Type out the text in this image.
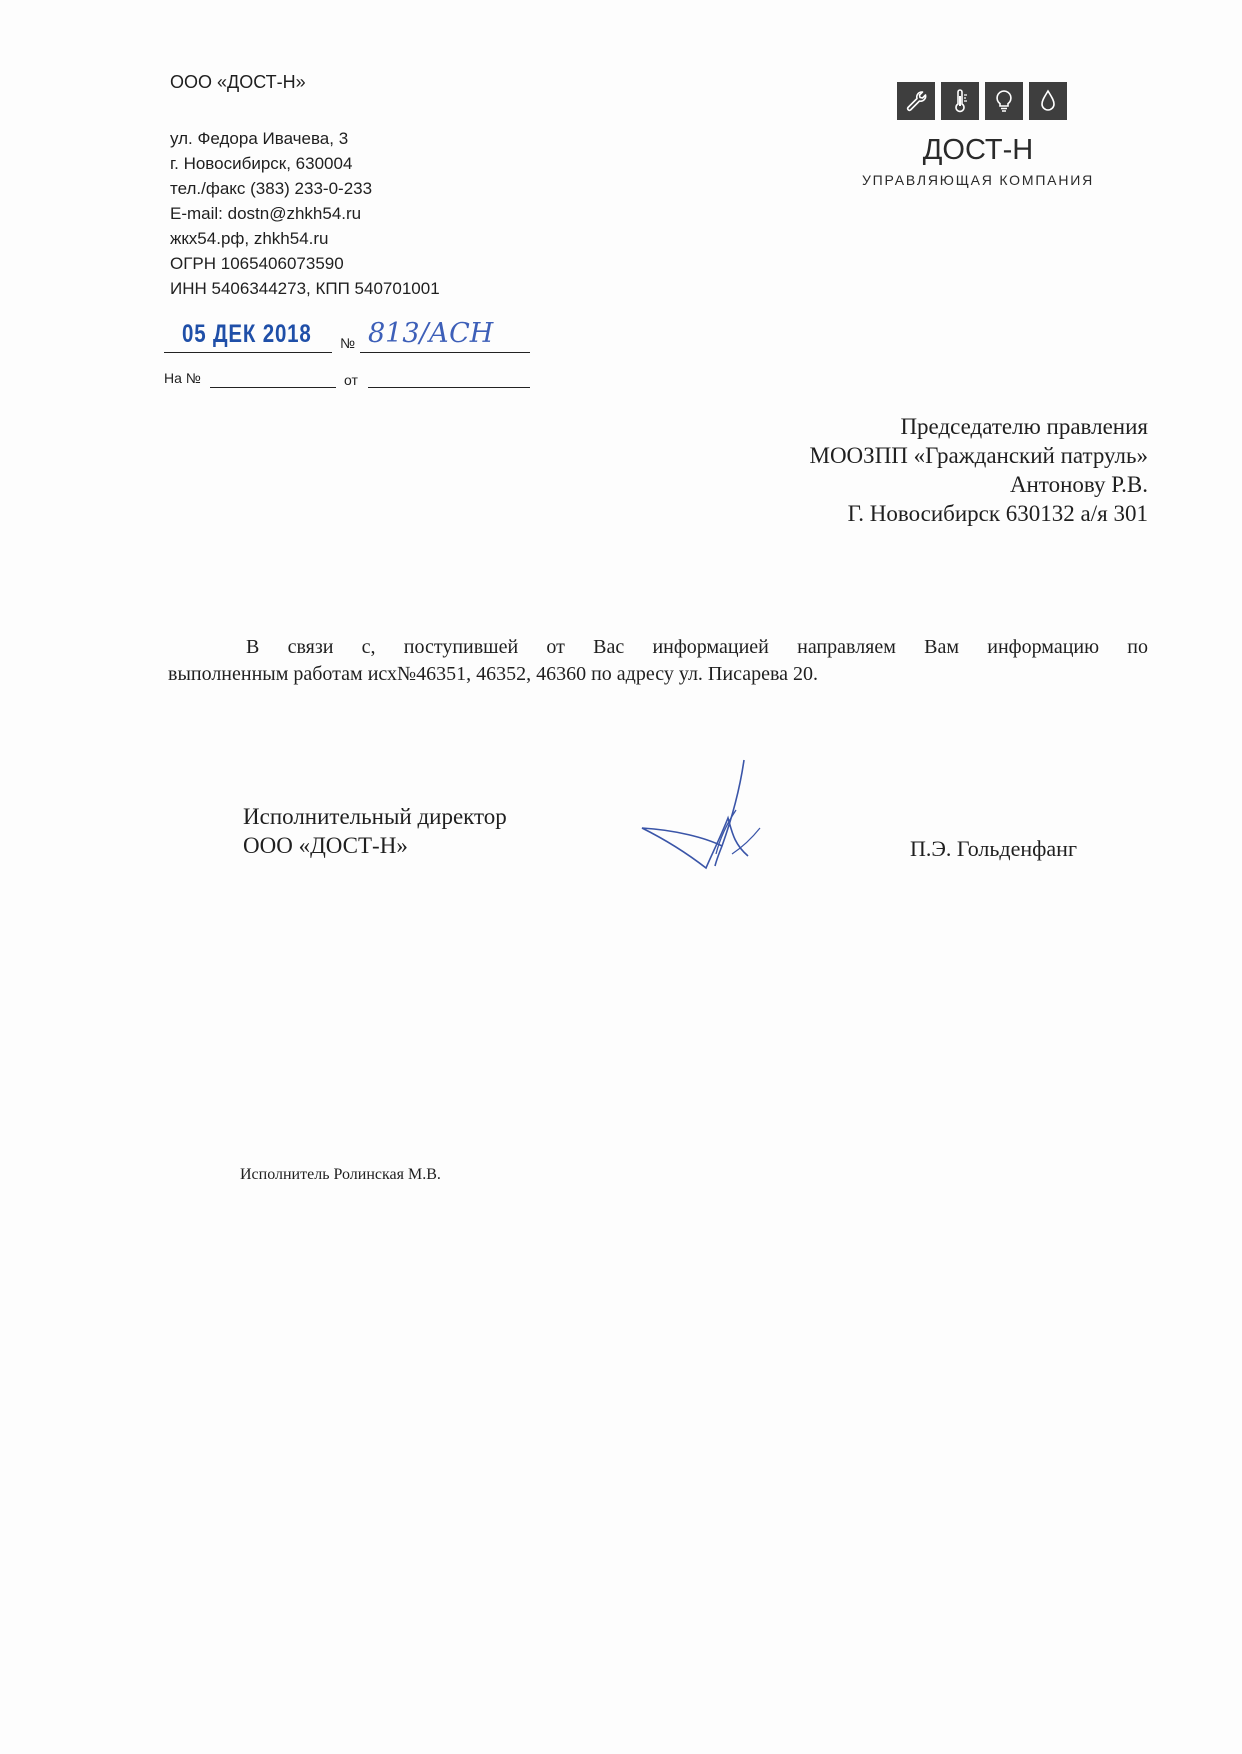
ООО «ДОСТ-Н»
ул. Федора Ивачева, 3
г. Новосибирск, 630004
тел./факс (383) 233-0-233
E-mail: dostn@zhkh54.ru
жкх54.рф, zhkh54.ru
ОГРН 1065406073590
ИНН 5406344273, КПП 540701001
05 ДЕК 2018 № 813/АСН
На №	от
ДОСТ-Н
УПРАВЛЯЮЩАЯ КОМПАНИЯ
Председателю правления
МООЗПП «Гражданский патруль»
Антонову Р.В.
Г. Новосибирск 630132 а/я 301
В связи с, поступившей от Вас информацией направляем Вам информацию по
выполненным работам исх№46351, 46352, 46360 по адресу ул. Писарева 20.
Исполнительный директор
ООО «ДОСТ-Н»	П.Э. Гольденфанг
Исполнитель Ролинская М.В.
